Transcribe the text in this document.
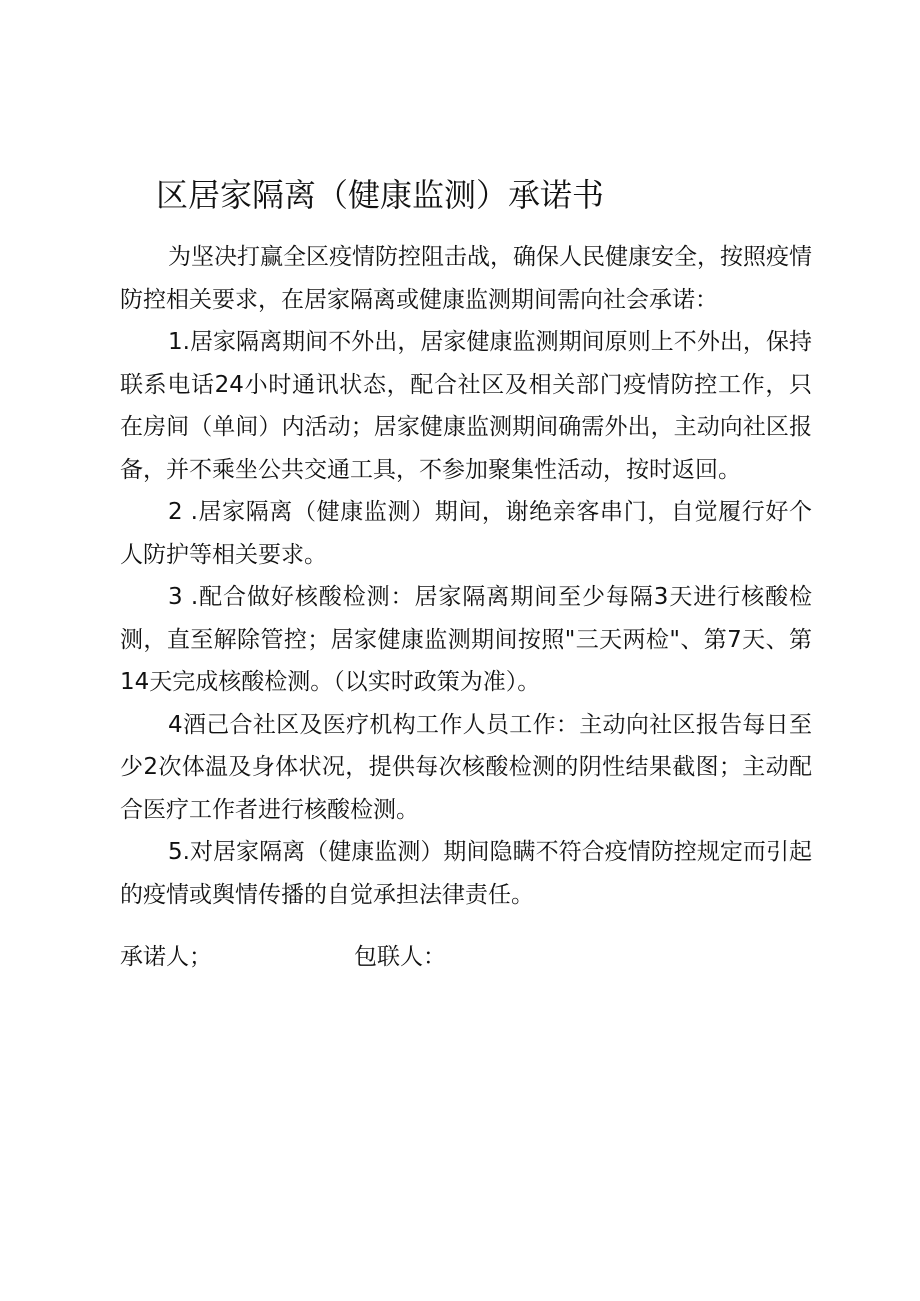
区居家隔离（健康监测）承诺书

为坚决打赢全区疫情防控阻击战，确保人民健康安全，按照疫情防控相关要求，在居家隔离或健康监测期间需向社会承诺：

1.居家隔离期间不外出，居家健康监测期间原则上不外出，保持联系电话24小时通讯状态，配合社区及相关部门疫情防控工作，只在房间（单间）内活动；居家健康监测期间确需外出，主动向社区报备，并不乘坐公共交通工具，不参加聚集性活动，按时返回。

2 .居家隔离（健康监测）期间，谢绝亲客串门，自觉履行好个人防护等相关要求。

3 .配合做好核酸检测：居家隔离期间至少每隔3天进行核酸检测，直至解除管控；居家健康监测期间按照"三天两检"、第7天、第14天完成核酸检测。（以实时政策为准）。

4酒己合社区及医疗机构工作人员工作：主动向社区报告每日至少2次体温及身体状况，提供每次核酸检测的阴性结果截图；主动配合医疗工作者进行核酸检测。

5.对居家隔离（健康监测）期间隐瞒不符合疫情防控规定而引起的疫情或舆情传播的自觉承担法律责任。

承诺人；	包联人：
